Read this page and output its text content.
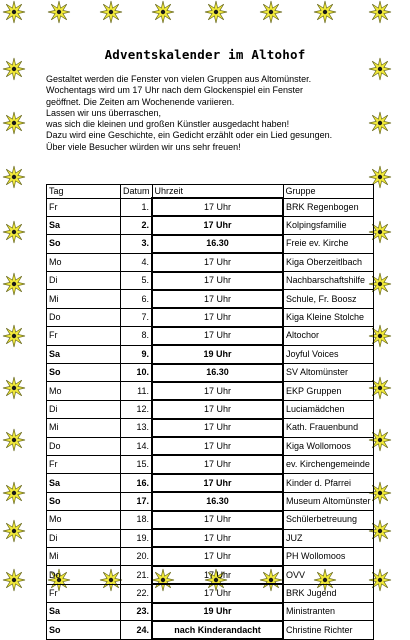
Adventskalender im Altohof
Gestaltet werden die Fenster von vielen Gruppen aus Altomünster.
Wochentags wird um 17 Uhr nach dem Glockenspiel ein Fenster
geöffnet. Die Zeiten am Wochenende variieren.
Lassen wir uns überraschen,
was sich die kleinen und großen Künstler ausgedacht haben!
Dazu wird eine Geschichte, ein Gedicht erzählt oder ein Lied gesungen.
Über viele Besucher würden wir uns sehr freuen!
Tag	Datum	Uhrzeit	Gruppe
Fr	1.	17 Uhr	BRK Regenbogen
Sa	2.	17 Uhr	Kolpingsfamilie
So	3.	16.30	Freie ev. Kirche
Mo	4.	17 Uhr	Kiga Oberzeitlbach
Di	5.	17 Uhr	Nachbarschaftshilfe
Mi	6.	17 Uhr	Schule, Fr. Boosz
Do	7.	17 Uhr	Kiga Kleine Stolche
Fr	8.	17 Uhr	Altochor
Sa	9.	19 Uhr	Joyful Voices
So	10.	16.30	SV Altomünster
Mo	11.	17 Uhr	EKP Gruppen
Di	12.	17 Uhr	Luciamädchen
Mi	13.	17 Uhr	Kath. Frauenbund
Do	14.	17 Uhr	Kiga Wollomoos
Fr	15.	17 Uhr	ev. Kirchengemeinde
Sa	16.	17 Uhr	Kinder d. Pfarrei
So	17.	16.30	Museum Altomünster
Mo	18.	17 Uhr	Schülerbetreuung
Di	19.	17 Uhr	JUZ
Mi	20.	17 Uhr	PH Wollomoos
Do	21.	17 Uhr	OVV
Fr	22.	17 Uhr	BRK Jugend
Sa	23.	19 Uhr	Ministranten
So	24.	nach Kinderandacht	Christine Richter
